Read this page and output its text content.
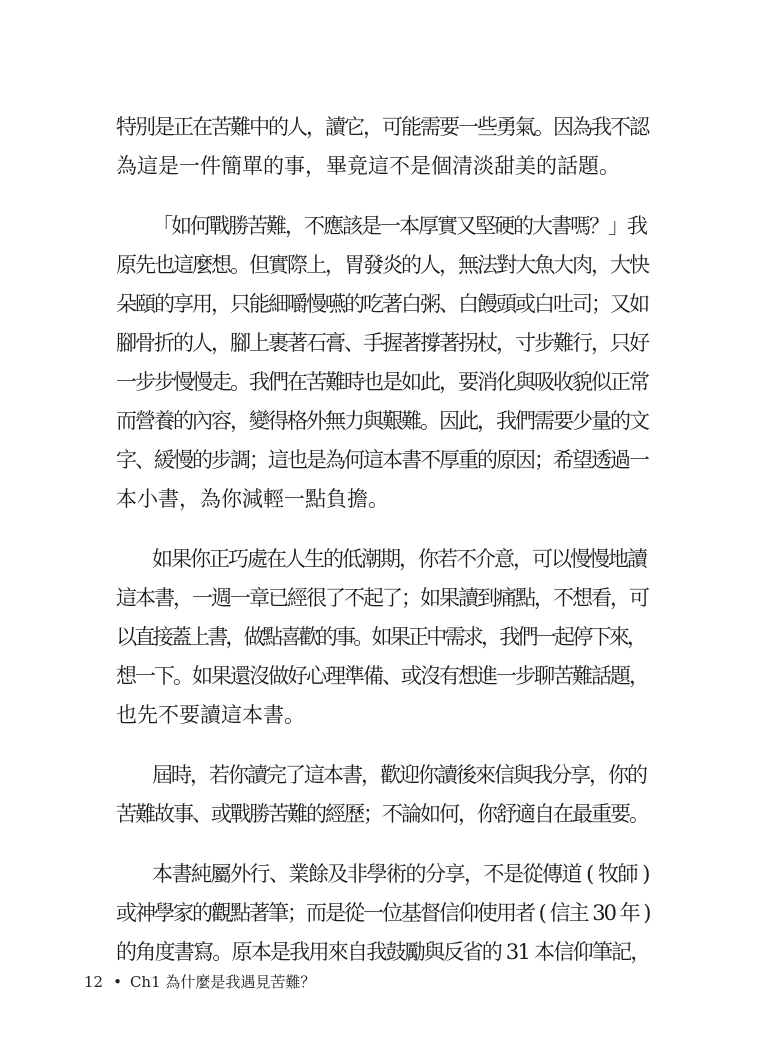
特別是正在苦難中的人，讀它，可能需要一些勇氣。因為我不認
為這是一件簡單的事，畢竟這不是個清淡甜美的話題。
「如何戰勝苦難，不應該是一本厚實又堅硬的大書嗎？」我
原先也這麼想。但實際上，胃發炎的人，無法對大魚大肉，大快
朵頤的享用，只能細嚼慢嚥的吃著白粥、白饅頭或白吐司；又如
腳骨折的人，腳上裹著石膏、手握著撐著拐杖，寸步難行，只好
一步步慢慢走。我們在苦難時也是如此，要消化與吸收貌似正常
而營養的內容，變得格外無力與艱難。因此，我們需要少量的文
字、緩慢的步調；這也是為何這本書不厚重的原因；希望透過一
本小書，為你減輕一點負擔。
如果你正巧處在人生的低潮期，你若不介意，可以慢慢地讀
這本書，一週一章已經很了不起了；如果讀到痛點，不想看，可
以直接蓋上書，做點喜歡的事。如果正中需求，我們一起停下來，
想一下。如果還沒做好心理準備、或沒有想進一步聊苦難話題，
也先不要讀這本書。
屆時，若你讀完了這本書，歡迎你讀後來信與我分享，你的
苦難故事、或戰勝苦難的經歷；不論如何，你舒適自在最重要。
本書純屬外行、業餘及非學術的分享，不是從傳道 ( 牧師 )
或神學家的觀點著筆；而是從一位基督信仰使用者 ( 信主 30 年 )
的角度書寫。原本是我用來自我鼓勵與反省的 31 本信仰筆記，
12 • Ch1 為什麼是我遇見苦難？
